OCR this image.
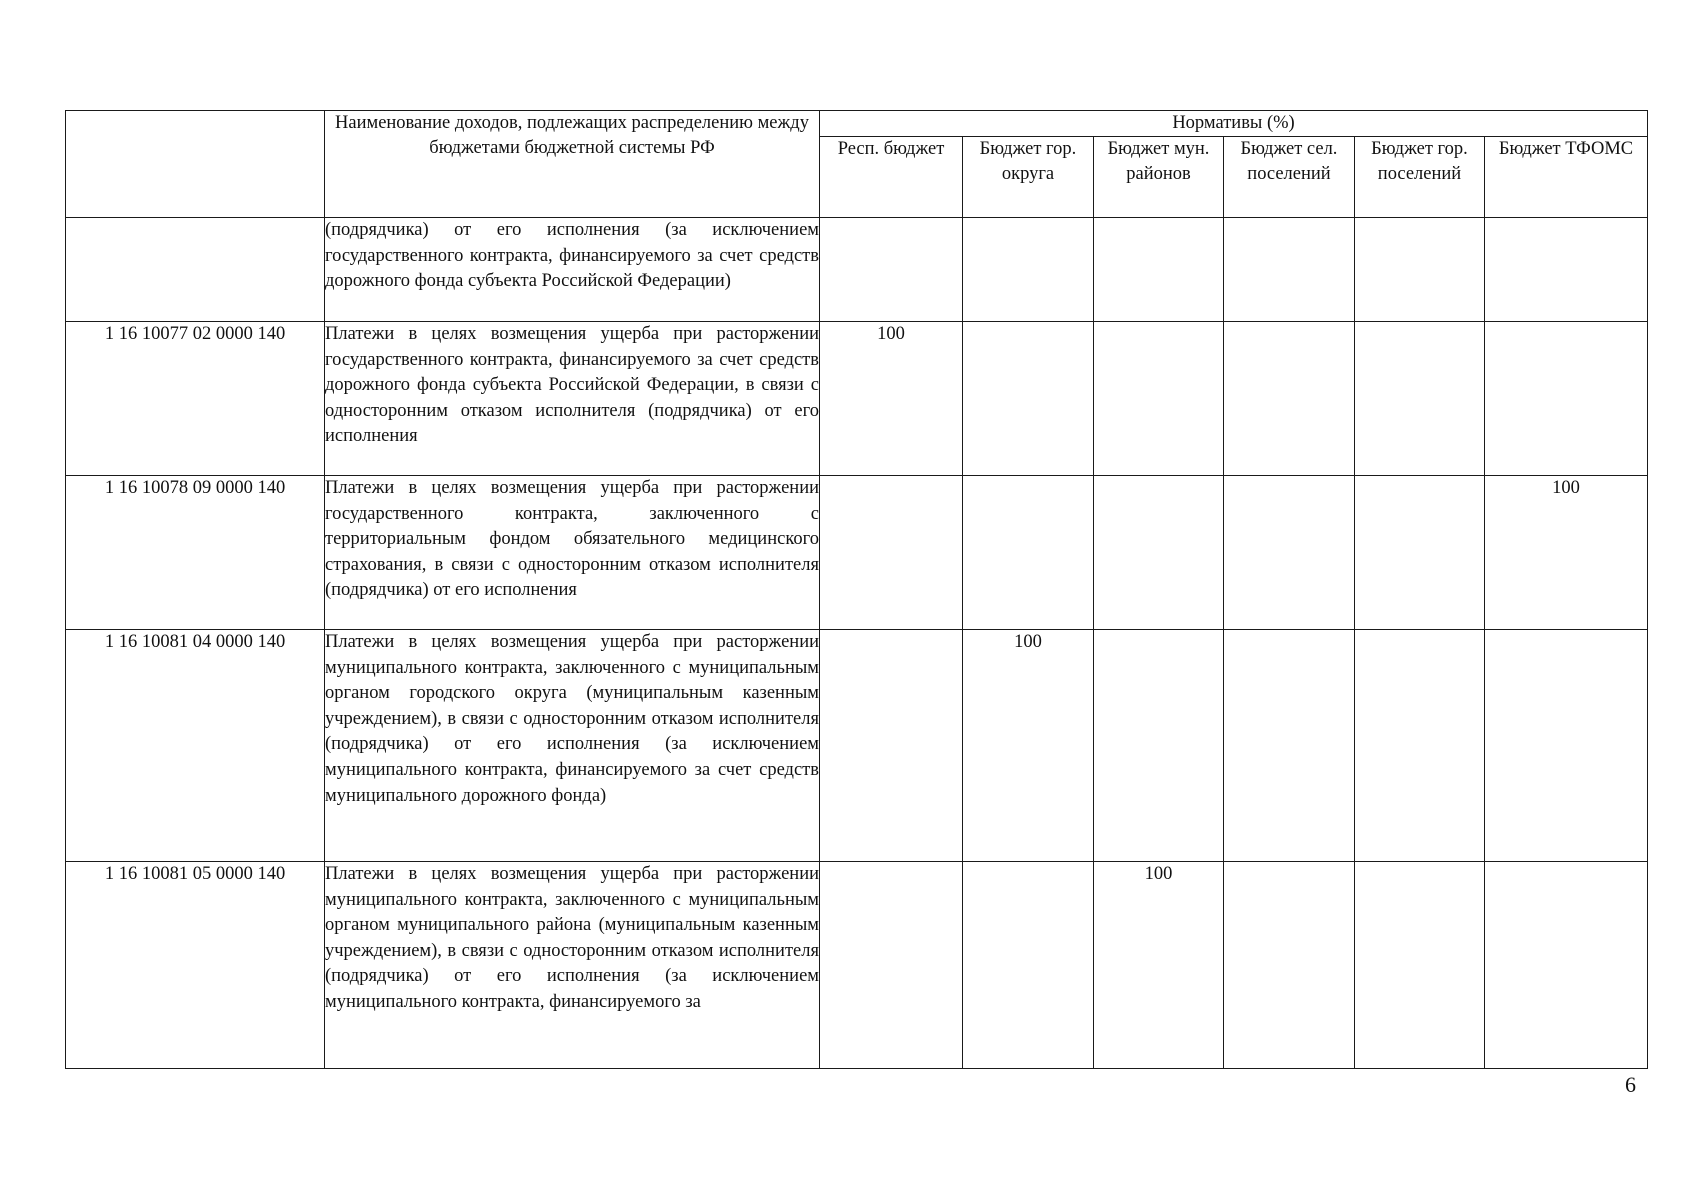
	Наименование доходов, подлежащих распределению между бюджетами бюджетной системы РФ	Нормативы (%)					
		Респ. бюджет	Бюджет гор. округа	Бюджет мун. районов	Бюджет сел. поселений	Бюджет гор. поселений	Бюджет ТФОМС
	(подрядчика) от его исполнения (за исключением государственного контракта, финансируемого за счет средств дорожного фонда субъекта Российской Федерации)						
1 16 10077 02 0000 140	Платежи в целях возмещения ущерба при расторжении государственного контракта, финансируемого за счет средств дорожного фонда субъекта Российской Федерации, в связи с односторонним отказом исполнителя (подрядчика) от его исполнения	100					
1 16 10078 09 0000 140	Платежи в целях возмещения ущерба при расторжении государственного контракта, заключенного с территориальным фондом обязательного медицинского страхования, в связи с односторонним отказом исполнителя (подрядчика) от его исполнения						100
1 16 10081 04 0000 140	Платежи в целях возмещения ущерба при расторжении муниципального контракта, заключенного с муниципальным органом городского округа (муниципальным казенным учреждением), в связи с односторонним отказом исполнителя (подрядчика) от его исполнения (за исключением муниципального контракта, финансируемого за счет средств муниципального дорожного фонда)		100				
1 16 10081 05 0000 140	Платежи в целях возмещения ущерба при расторжении муниципального контракта, заключенного с муниципальным органом муниципального района (муниципальным казенным учреждением), в связи с односторонним отказом исполнителя (подрядчика) от его исполнения (за исключением муниципального контракта, финансируемого за			100			
6
